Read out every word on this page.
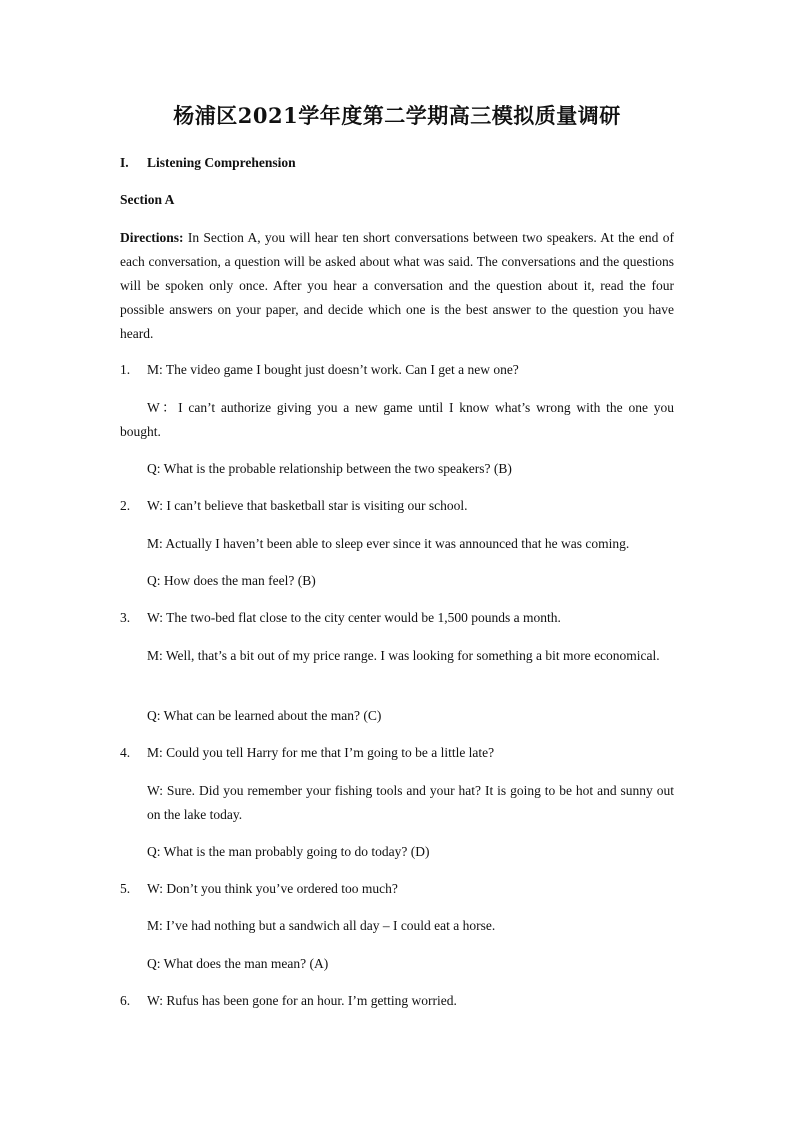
杨浦区2021学年度第二学期高三模拟质量调研
I. Listening Comprehension
Section A
Directions: In Section A, you will hear ten short conversations between two speakers. At the end of each conversation, a question will be asked about what was said. The conversations and the questions will be spoken only once. After you hear a conversation and the question about it, read the four possible answers on your paper, and decide which one is the best answer to the question you have heard.
1. M: The video game I bought just doesn’t work. Can I get a new one?
W：I can’t authorize giving you a new game until I know what’s wrong with the one you bought.
Q: What is the probable relationship between the two speakers? (B)
2. W: I can’t believe that basketball star is visiting our school.
M: Actually I haven’t been able to sleep ever since it was announced that he was coming.
Q: How does the man feel? (B)
3. W: The two-bed flat close to the city center would be 1,500 pounds a month.
M: Well, that’s a bit out of my price range. I was looking for something a bit more economical.
Q: What can be learned about the man? (C)
4. M: Could you tell Harry for me that I’m going to be a little late?
W: Sure. Did you remember your fishing tools and your hat? It is going to be hot and sunny out on the lake today.
Q: What is the man probably going to do today? (D)
5. W: Don’t you think you’ve ordered too much?
M: I’ve had nothing but a sandwich all day – I could eat a horse.
Q: What does the man mean? (A)
6. W: Rufus has been gone for an hour. I’m getting worried.
